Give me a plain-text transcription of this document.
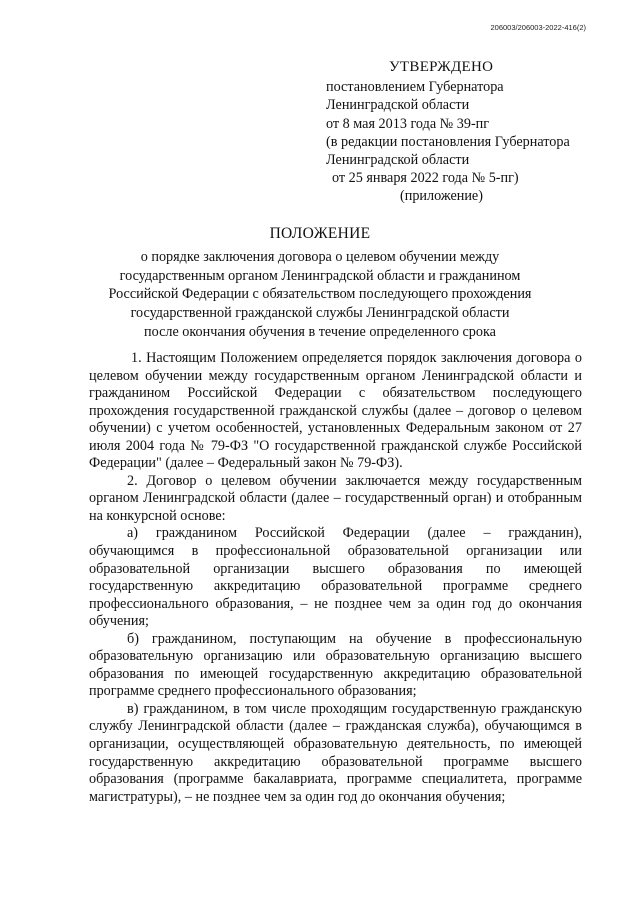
206003/206003-2022-416(2)
УТВЕРЖДЕНО
постановлением Губернатора
Ленинградской области
от 8 мая 2013 года № 39-пг
(в редакции постановления Губернатора
Ленинградской области
от 25 января 2022 года № 5-пг)
(приложение)
ПОЛОЖЕНИЕ
о порядке заключения договора о целевом обучении между
государственным органом Ленинградской области и гражданином
Российской Федерации с обязательством последующего прохождения
государственной гражданской службы Ленинградской области
после окончания обучения в течение определенного срока

1. Настоящим Положением определяется порядок заключения договора о целевом обучении между государственным органом Ленинградской области и гражданином Российской Федерации с обязательством последующего прохождения государственной гражданской службы (далее – договор о целевом обучении) с учетом особенностей, установленных Федеральным законом от 27 июля 2004 года № 79-ФЗ "О государственной гражданской службе Российской Федерации" (далее – Федеральный закон № 79-ФЗ).

2. Договор о целевом обучении заключается между государственным органом Ленинградской области (далее – государственный орган) и отобранным на конкурсной основе:

а) гражданином Российской Федерации (далее – гражданин), обучающимся в профессиональной образовательной организации или образовательной организации высшего образования по имеющей государственную аккредитацию образовательной программе среднего профессионального образования, – не позднее чем за один год до окончания обучения;

б) гражданином, поступающим на обучение в профессиональную образовательную организацию или образовательную организацию высшего образования по имеющей государственную аккредитацию образовательной программе среднего профессионального образования;

в) гражданином, в том числе проходящим государственную гражданскую службу Ленинградской области (далее – гражданская служба), обучающимся в организации, осуществляющей образовательную деятельность, по имеющей государственную аккредитацию образовательной программе высшего образования (программе бакалавриата, программе специалитета, программе магистратуры), – не позднее чем за один год до окончания обучения;
